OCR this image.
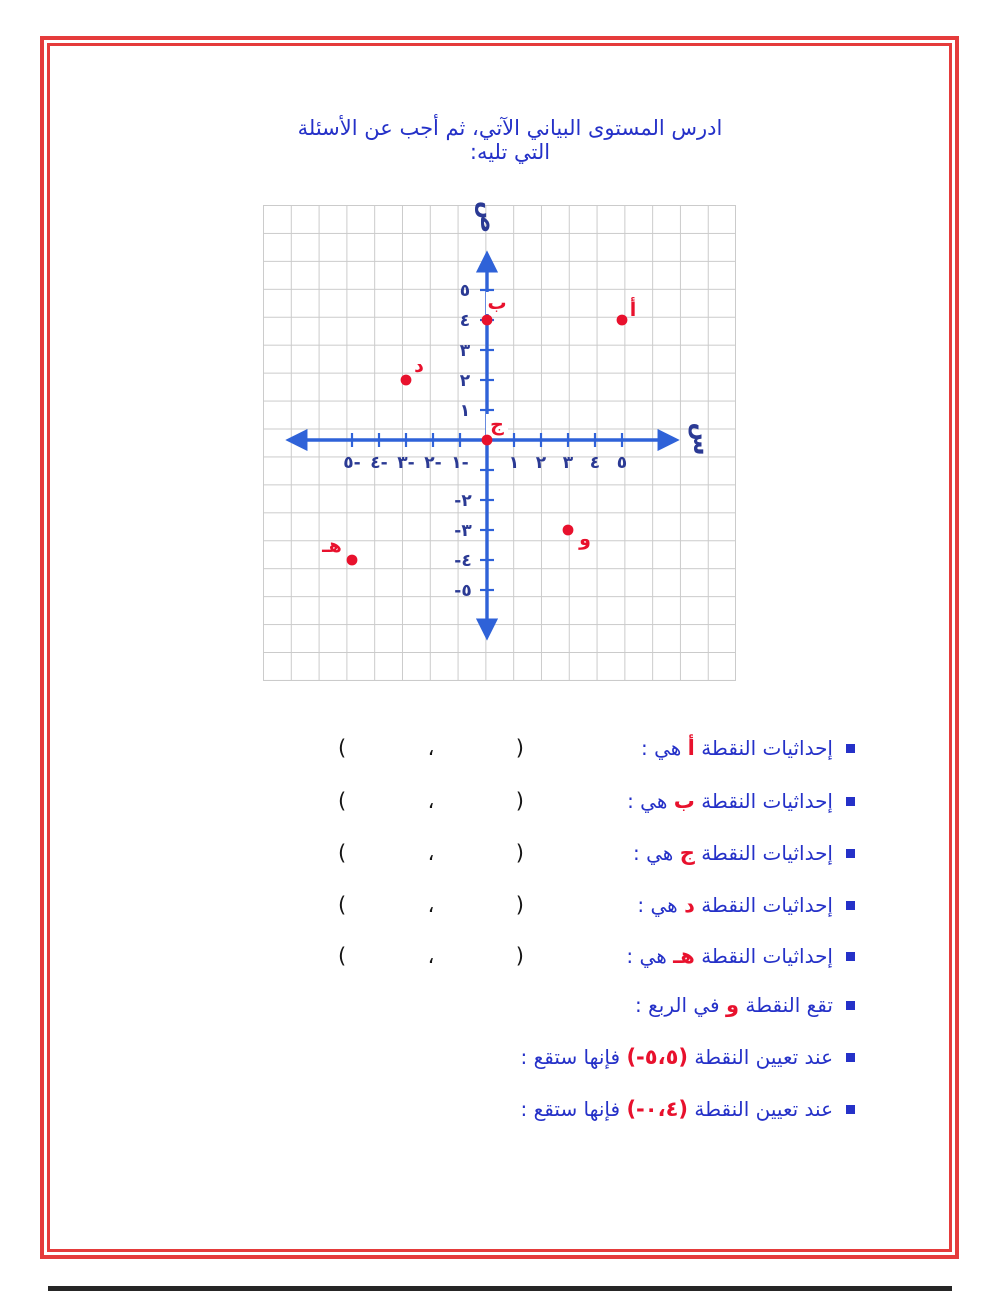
ادرس المستوى البياني الآتي، ثم أجب عن الأسئلة التي تليه:
١
١-
١
٢
٢-
٢
٣
٣-
٣
٤
٤-
٤
٥
٥-
٥
-٢
-٣
-٤
-٥
س
ص
أ
ب
ج
د
هـ	و
إحداثيات النقطة أ هي :
(	،	)
إحداثيات النقطة ب هي :
(	،	)
إحداثيات النقطة ج هي :
(	،	)
إحداثيات النقطة د هي :
(	،	)
إحداثيات النقطة هـ هي :
(	،	)
تقع النقطة و في الربع :
عند تعيين النقطة (-٥،٥) فإنها ستقع :
عند تعيين النقطة (-٠،٤) فإنها ستقع :
